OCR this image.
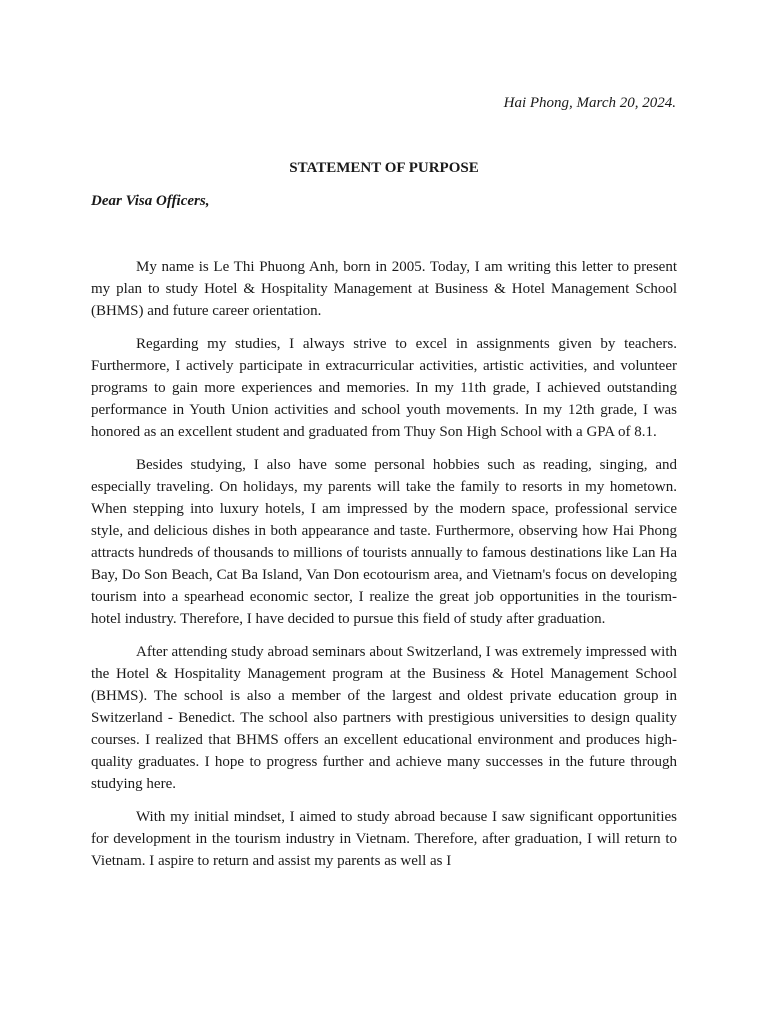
Hai Phong, March 20, 2024.
STATEMENT OF PURPOSE
Dear Visa Officers,

My name is Le Thi Phuong Anh, born in 2005. Today, I am writing this letter to present my plan to study Hotel & Hospitality Management at Business & Hotel Management School (BHMS) and future career orientation.

Regarding my studies, I always strive to excel in assignments given by teachers. Furthermore, I actively participate in extracurricular activities, artistic activities, and volunteer programs to gain more experiences and memories. In my 11th grade, I achieved outstanding performance in Youth Union activities and school youth movements. In my 12th grade, I was honored as an excellent student and graduated from Thuy Son High School with a GPA of 8.1.

Besides studying, I also have some personal hobbies such as reading, singing, and especially traveling. On holidays, my parents will take the family to resorts in my hometown. When stepping into luxury hotels, I am impressed by the modern space, professional service style, and delicious dishes in both appearance and taste. Furthermore, observing how Hai Phong attracts hundreds of thousands to millions of tourists annually to famous destinations like Lan Ha Bay, Do Son Beach, Cat Ba Island, Van Don ecotourism area, and Vietnam's focus on developing tourism into a spearhead economic sector, I realize the great job opportunities in the tourism-hotel industry. Therefore, I have decided to pursue this field of study after graduation.

After attending study abroad seminars about Switzerland, I was extremely impressed with the Hotel & Hospitality Management program at the Business & Hotel Management School (BHMS). The school is also a member of the largest and oldest private education group in Switzerland - Benedict. The school also partners with prestigious universities to design quality courses. I realized that BHMS offers an excellent educational environment and produces high-quality graduates. I hope to progress further and achieve many successes in the future through studying here.

With my initial mindset, I aimed to study abroad because I saw significant opportunities for development in the tourism industry in Vietnam. Therefore, after graduation, I will return to Vietnam. I aspire to return and assist my parents as well as I
